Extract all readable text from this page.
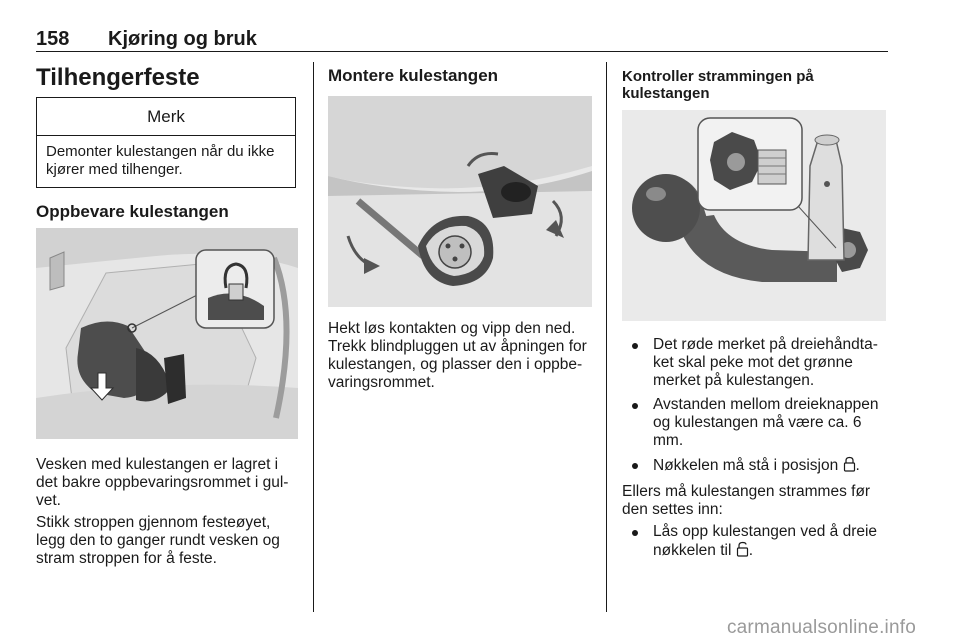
158 Kjøring og bruk
Tilhengerfeste
Merk
Demonter kulestangen når du ikke kjører med tilhenger.
Oppbevare kulestangen

Vesken med kulestangen er lagret i det bakre oppbevaringsrommet i gulvet.

Stikk stroppen gjennom festeøyet, legg den to ganger rundt vesken og stram stroppen for å feste.

Montere kulestangen

Hekt løs kontakten og vipp den ned. Trekk blindpluggen ut av åpningen for kulestangen, og plasser den i oppbevaringsrommet.

Kontroller strammingen på kulestangen
Det røde merket på dreiehåndtaket skal peke mot det grønne merket på kulestangen.
Avstanden mellom dreieknappen og kulestangen må være ca. 6 mm.
Nøkkelen må stå i posisjon .

Ellers må kulestangen strammes før den settes inn:

Lås opp kulestangen ved å dreie nøkkelen til .
carmanualsonline.info
